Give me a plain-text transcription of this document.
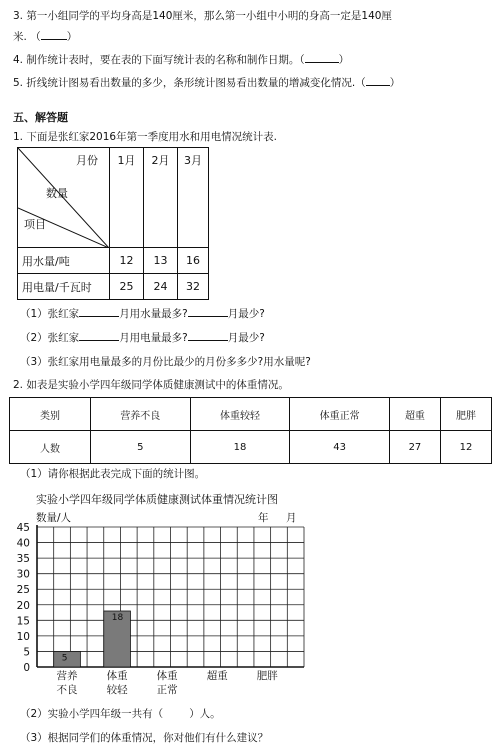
3. 第一小组同学的平均身高是140厘米，那么第一小组中小明的身高一定是140厘
米. （ ）
4. 制作统计表时，要在表的下面写统计表的名称和制作日期。（	）
5. 折线统计图易看出数量的多少，条形统计图易看出数量的增减变化情况.（ ）
五、解答题
1. 下面是张红家2016年第一季度用水和用电情况统计表.
月份
数量
项目	1月	2月	3月
用水量/吨	12	13	16
用电量/千瓦时	25	24	32
（1）张红家	月用水量最多?	月最少?
（2）张红家	月用电量最多?	月最少?
（3）张红家用电量最多的月份比最少的月份多多少?用水量呢?
2. 如表是实验小学四年级同学体质健康测试中的体重情况。
类别	营养不良	体重较轻	体重正常	超重	肥胖
人数	5	18	43	27	12
（1）请你根据此表完成下面的统计图。
实验小学四年级同学体质健康测试体重情况统计图
数量/人	年 月
0
5
10
15
20
25
30
35
40
45
5
18
营养
不良
体重
较轻
体重
正常
超重	肥胖
（2）实验小学四年级一共有（ ）人。
（3）根据同学们的体重情况，你对他们有什么建议？
